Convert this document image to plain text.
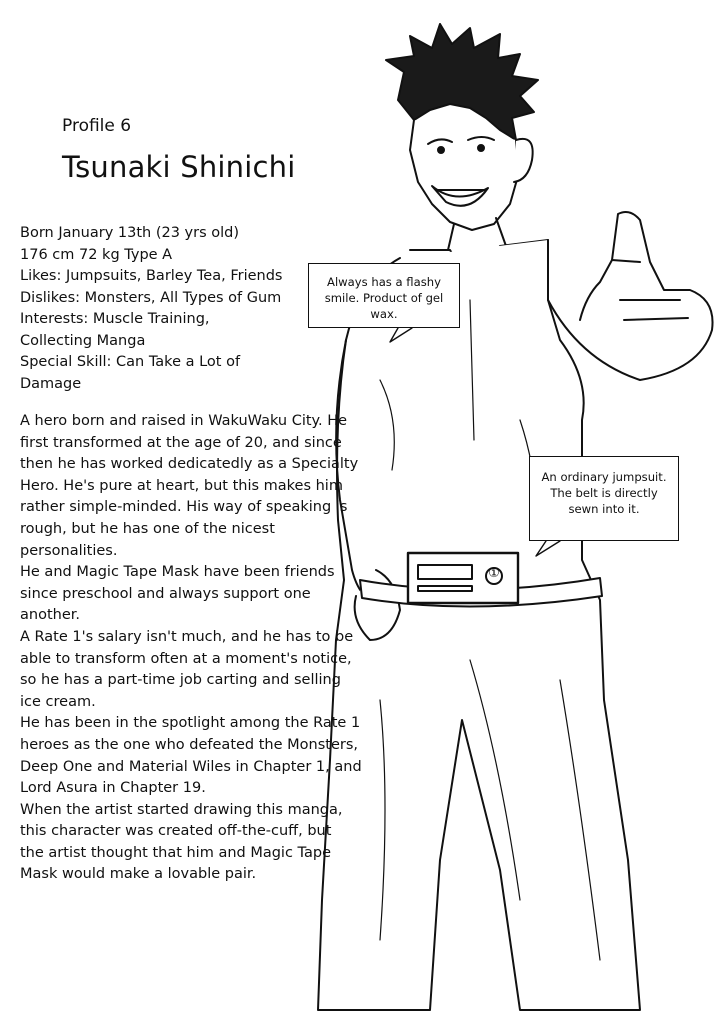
Profile 6
Tsunaki Shinichi
Born January 13th (23 yrs old)
176 cm 72 kg Type A
Likes: Jumpsuits, Barley Tea, Friends
Dislikes: Monsters, All Types of Gum
Interests: Muscle Training,
Collecting Manga
Special Skill: Can Take a Lot of
Damage
A hero born and raised in WakuWaku City. He
first transformed at the age of 20, and since
then he has worked dedicatedly as a Specialty
Hero. He's pure at heart, but this makes him
rather simple-minded. His way of speaking is
rough, but he has one of the nicest
personalities.
He and Magic Tape Mask have been friends
since preschool and always support one
another.
A Rate 1's salary isn't much, and he has to be
able to transform often at a moment's notice,
so he has a part-time job carting and selling
ice cream.
He has been in the spotlight among the Rate 1
heroes as the one who defeated the Monsters,
Deep One and Material Wiles in Chapter 1, and
Lord Asura in Chapter 19.
When the artist started drawing this manga,
this character was created off-the-cuff, but
the artist thought that him and Magic Tape
Mask would make a lovable pair.
Always has a flashy
smile. Product of gel
wax.
An ordinary jumpsuit.
The belt is directly
sewn into it.
①
